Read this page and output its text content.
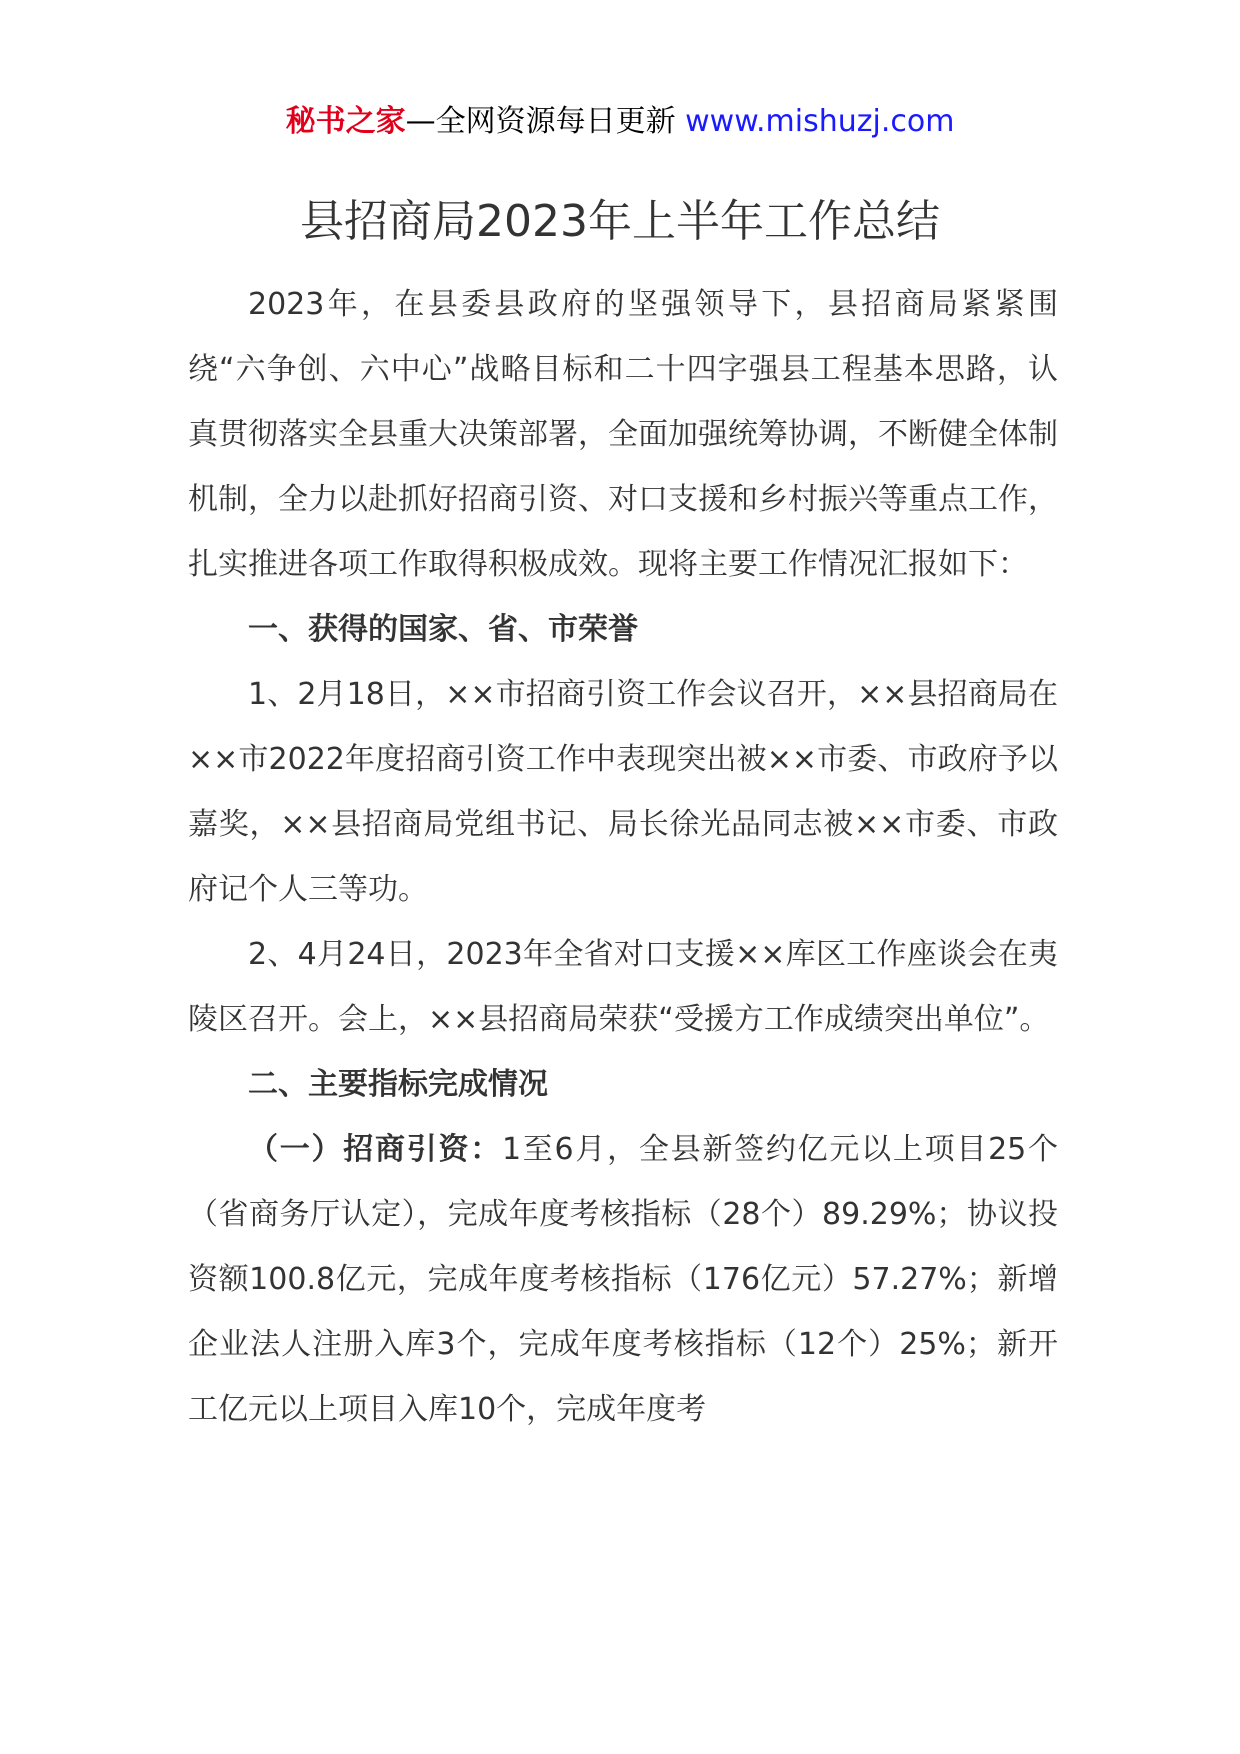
秘书之家—全网资源每日更新 www.mishuzj.com
县招商局2023年上半年工作总结

2023年，在县委县政府的坚强领导下，县招商局紧紧围绕“六争创、六中心”战略目标和二十四字强县工程基本思路，认真贯彻落实全县重大决策部署，全面加强统筹协调，不断健全体制机制，全力以赴抓好招商引资、对口支援和乡村振兴等重点工作，扎实推进各项工作取得积极成效。现将主要工作情况汇报如下：

一、获得的国家、省、市荣誉

1、2月18日，××市招商引资工作会议召开，××县招商局在××市2022年度招商引资工作中表现突出被××市委、市政府予以嘉奖，××县招商局党组书记、局长徐光品同志被××市委、市政府记个人三等功。

2、4月24日，2023年全省对口支援××库区工作座谈会在夷陵区召开。会上，××县招商局荣获“受援方工作成绩突出单位”。

二、主要指标完成情况

（一）招商引资：1至6月，全县新签约亿元以上项目25个（省商务厅认定），完成年度考核指标（28个）89.29%；协议投资额100.8亿元，完成年度考核指标（176亿元）57.27%；新增企业法人注册入库3个，完成年度考核指标（12个）25%；新开工亿元以上项目入库10个，完成年度考
